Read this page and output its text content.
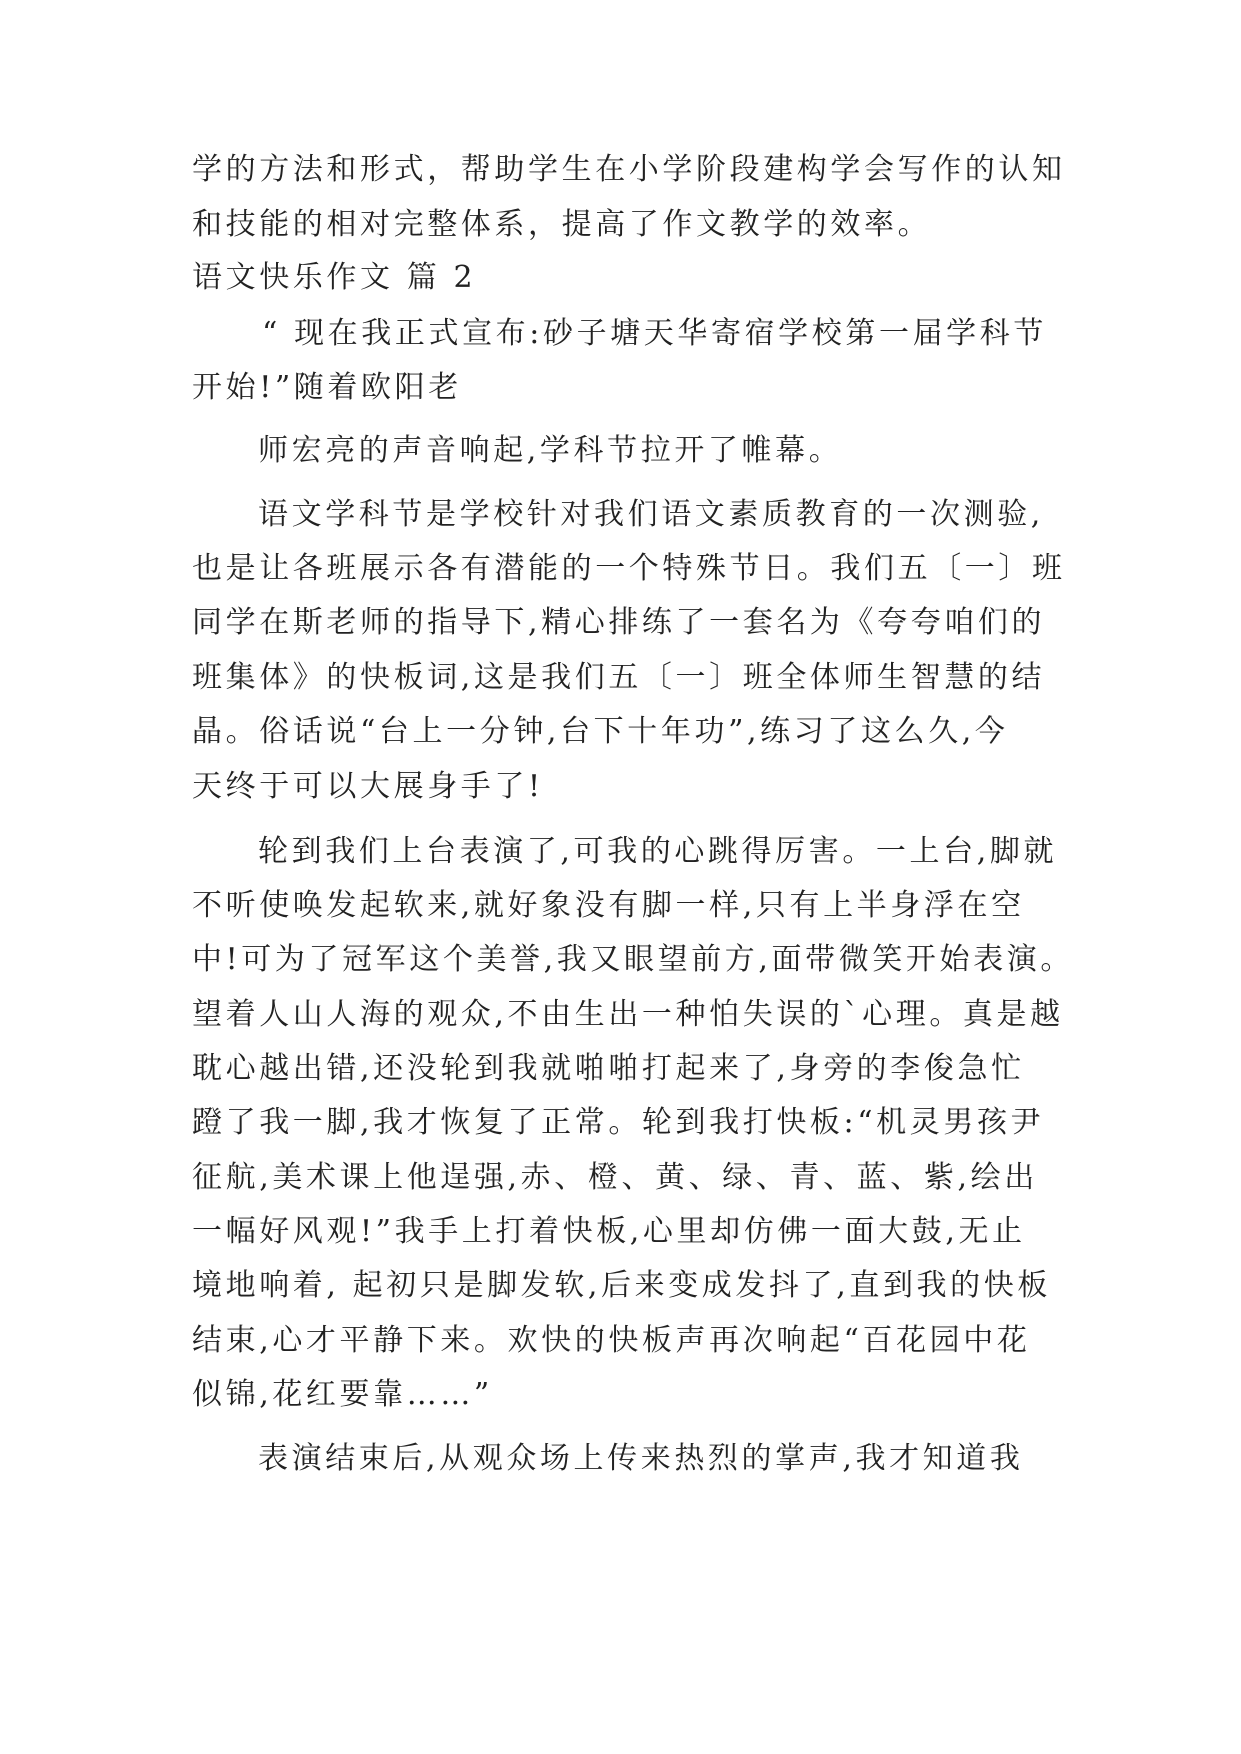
学的方法和形式，帮助学生在小学阶段建构学会写作的认知
和技能的相对完整体系，提高了作文教学的效率。
语文快乐作文 篇 2
“ 现在我正式宣布:砂子塘天华寄宿学校第一届学科节
开始!”随着欧阳老
师宏亮的声音响起,学科节拉开了帷幕。
语文学科节是学校针对我们语文素质教育的一次测验,
也是让各班展示各有潜能的一个特殊节日。我们五〔一〕班
同学在斯老师的指导下,精心排练了一套名为《夸夸咱们的
班集体》的快板词,这是我们五〔一〕班全体师生智慧的结
晶。俗话说“台上一分钟,台下十年功”,练习了这么久,今
天终于可以大展身手了!
轮到我们上台表演了,可我的心跳得厉害。一上台,脚就
不听使唤发起软来,就好象没有脚一样,只有上半身浮在空
中!可为了冠军这个美誉,我又眼望前方,面带微笑开始表演。
望着人山人海的观众,不由生出一种怕失误的`心理。真是越
耽心越出错,还没轮到我就啪啪打起来了,身旁的李俊急忙
蹬了我一脚,我才恢复了正常。轮到我打快板:“机灵男孩尹
征航,美术课上他逞强,赤、橙、黄、绿、青、蓝、紫,绘出
一幅好风观!”我手上打着快板,心里却仿佛一面大鼓,无止
境地响着, 起初只是脚发软,后来变成发抖了,直到我的快板
结束,心才平静下来。欢快的快板声再次响起“百花园中花
似锦,花红要靠……”
表演结束后,从观众场上传来热烈的掌声,我才知道我
